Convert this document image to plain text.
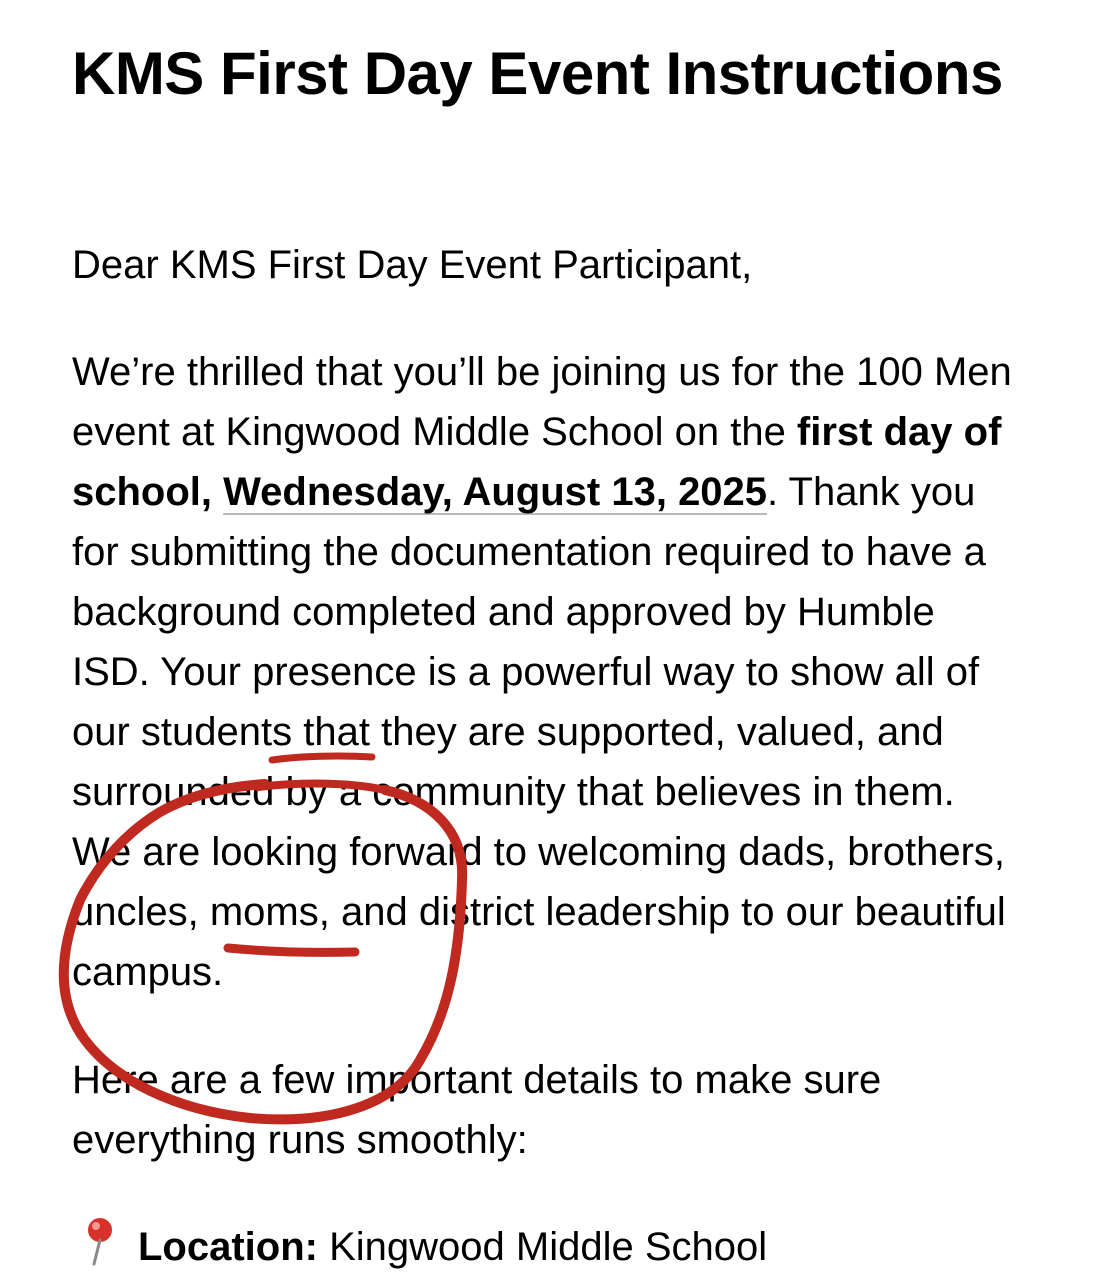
KMS First Day Event Instructions

Dear KMS First Day Event Participant,

We’re thrilled that you’ll be joining us for the 100 Men
event at Kingwood Middle School on the first day of
school, Wednesday, August 13, 2025. Thank you
for submitting the documentation required to have a
background completed and approved by Humble
ISD. Your presence is a powerful way to show all of
our students that they are supported, valued, and
surrounded by a community that believes in them.
We are looking forward to welcoming dads, brothers,
uncles, moms, and district leadership to our beautiful
campus.

Here are a few important details to make sure
everything runs smoothly:

Location: Kingwood Middle School
